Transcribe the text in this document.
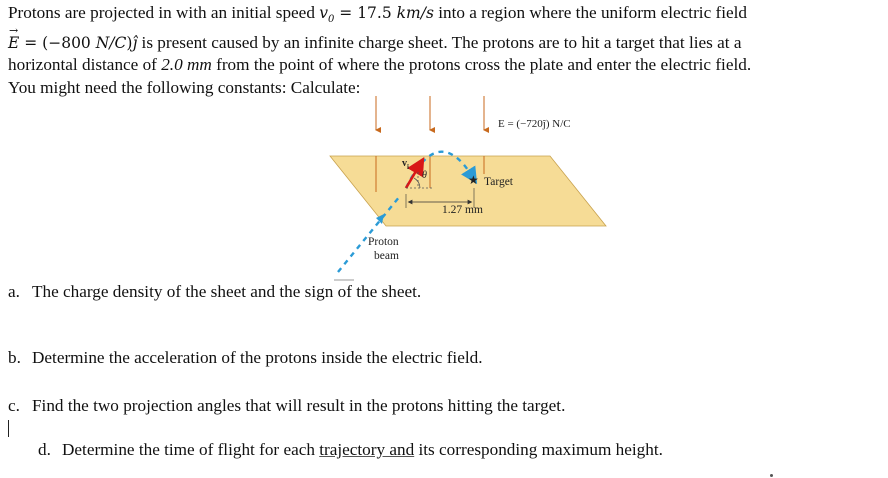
Protons are projected in with an initial speed $v_0 = 17.5$ km/s into a region where the uniform electric field
→ E = (−800 N/C)ĵ is present caused by an infinite charge sheet. The protons are to hit a target that lies at a
horizontal distance of 2.0 mm from the point of where the protons cross the plate and enter the electric field.
You might need the following constants: Calculate:

★
E = (−720ĵ) N/C
$v_i$
θ
Target
1.27 mm
Proton
beam
a. The charge density of the sheet and the sign of the sheet.
b. Determine the acceleration of the protons inside the electric field.
c. Find the two projection angles that will result in the protons hitting the target.
d. Determine the time of flight for each trajectory and its corresponding maximum height.
